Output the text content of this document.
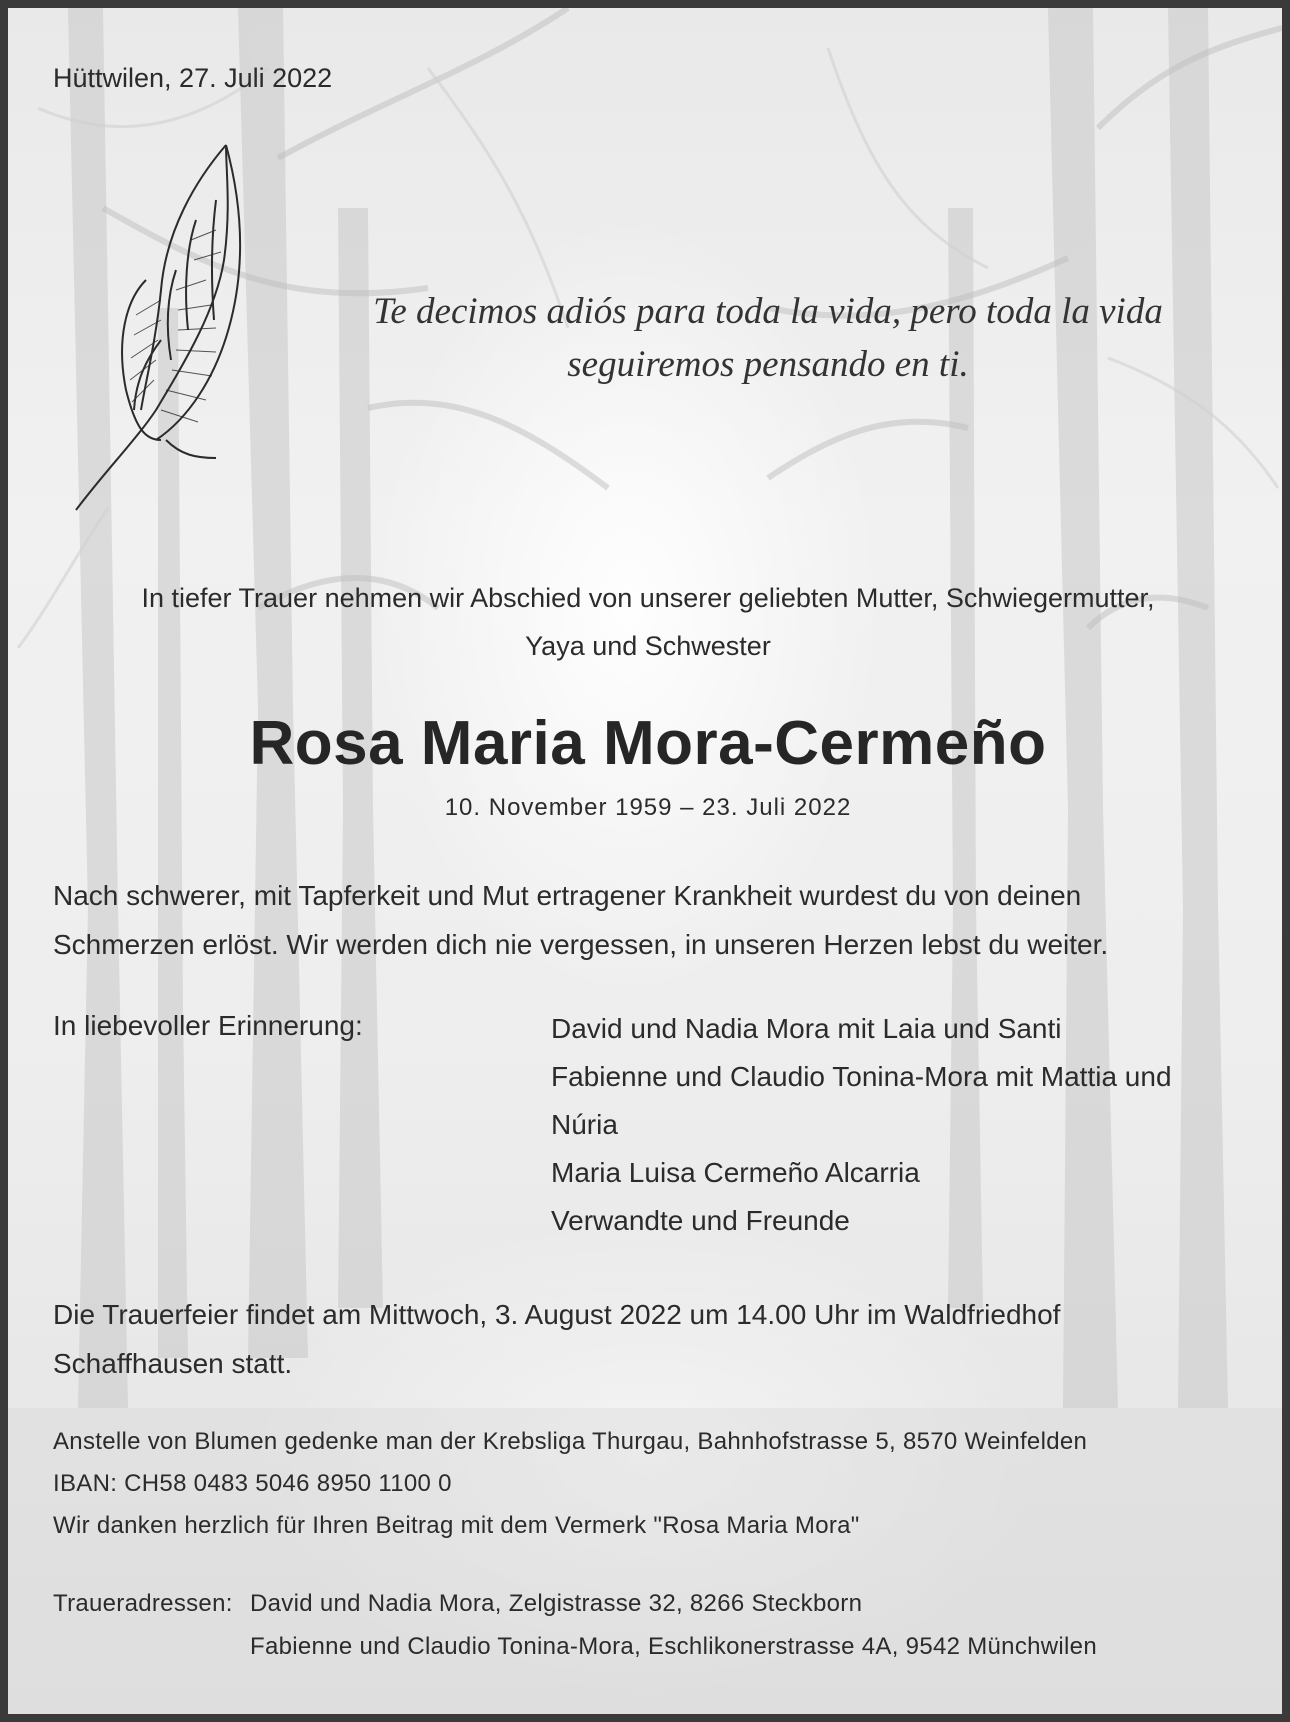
Hüttwilen, 27. Juli 2022
Te decimos adiós para toda la vida, pero toda la vida seguiremos pensando en ti.
In tiefer Trauer nehmen wir Abschied von unserer geliebten Mutter, Schwiegermutter,
Yaya und Schwester
Rosa Maria Mora-Cermeño
10. November 1959 – 23. Juli 2022
Nach schwerer, mit Tapferkeit und Mut ertragener Krankheit wurdest du von deinen
Schmerzen erlöst. Wir werden dich nie vergessen, in unseren Herzen lebst du weiter.
In liebevoller Erinnerung:	David und Nadia Mora mit Laia und Santi
Fabienne und Claudio Tonina-Mora mit Mattia und
Núria
Maria Luisa Cermeño Alcarria
Verwandte und Freunde
Die Trauerfeier findet am Mittwoch, 3. August 2022 um 14.00 Uhr im Waldfriedhof
Schaffhausen statt.
Anstelle von Blumen gedenke man der Krebsliga Thurgau, Bahnhofstrasse 5, 8570 Weinfelden
IBAN: CH58 0483 5046 8950 1100 0
Wir danken herzlich für Ihren Beitrag mit dem Vermerk "Rosa Maria Mora"
Traueradressen: David und Nadia Mora, Zelgistrasse 32, 8266 Steckborn
Fabienne und Claudio Tonina-Mora, Eschlikonerstrasse 4A, 9542 Münchwilen
